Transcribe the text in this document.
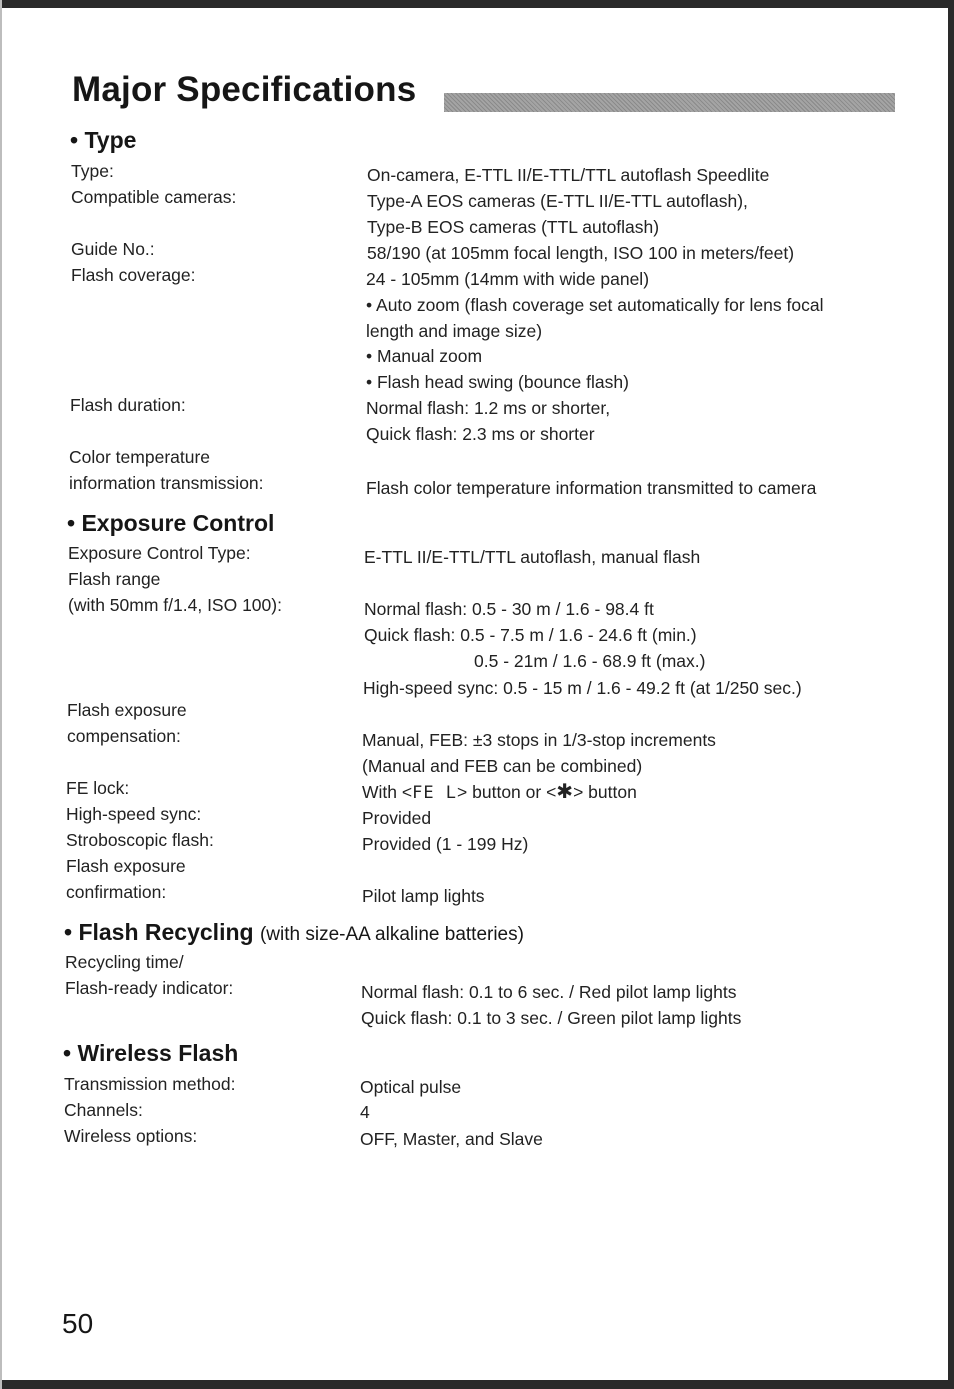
Major Specifications
• Type
Type:
Compatible cameras:
Guide No.:
Flash coverage:
Flash duration:
Color temperature
information transmission:
On-camera, E-TTL II/E-TTL/TTL autoflash Speedlite
Type-A EOS cameras (E-TTL II/E-TTL autoflash),
Type-B EOS cameras (TTL autoflash)
58/190 (at 105mm focal length, ISO 100 in meters/feet)
24 - 105mm (14mm with wide panel)
• Auto zoom (flash coverage set automatically for lens focal
length and image size)
• Manual zoom
• Flash head swing (bounce flash)
Normal flash: 1.2 ms or shorter,
Quick flash: 2.3 ms or shorter
Flash color temperature information transmitted to camera
• Exposure Control
Exposure Control Type:
Flash range
(with 50mm f/1.4, ISO 100):
Flash exposure
compensation:
FE lock:
High-speed sync:
Stroboscopic flash:
Flash exposure
confirmation:
E-TTL II/E-TTL/TTL autoflash, manual flash
Normal flash: 0.5 - 30 m / 1.6 - 98.4 ft
Quick flash: 0.5 - 7.5 m / 1.6 - 24.6 ft (min.)
0.5 - 21m / 1.6 - 68.9 ft (max.)
High-speed sync: 0.5 - 15 m / 1.6 - 49.2 ft (at 1/250 sec.)
Manual, FEB: ±3 stops in 1/3-stop increments
(Manual and FEB can be combined)
With <FE L> button or <✱> button
Provided
Provided (1 - 199 Hz)
Pilot lamp lights
• Flash Recycling (with size-AA alkaline batteries)
Recycling time/
Flash-ready indicator:	Normal flash: 0.1 to 6 sec. / Red pilot lamp lights
Quick flash: 0.1 to 3 sec. / Green pilot lamp lights
• Wireless Flash
Transmission method:
Channels:
Wireless options:
Optical pulse
4
OFF, Master, and Slave
50
